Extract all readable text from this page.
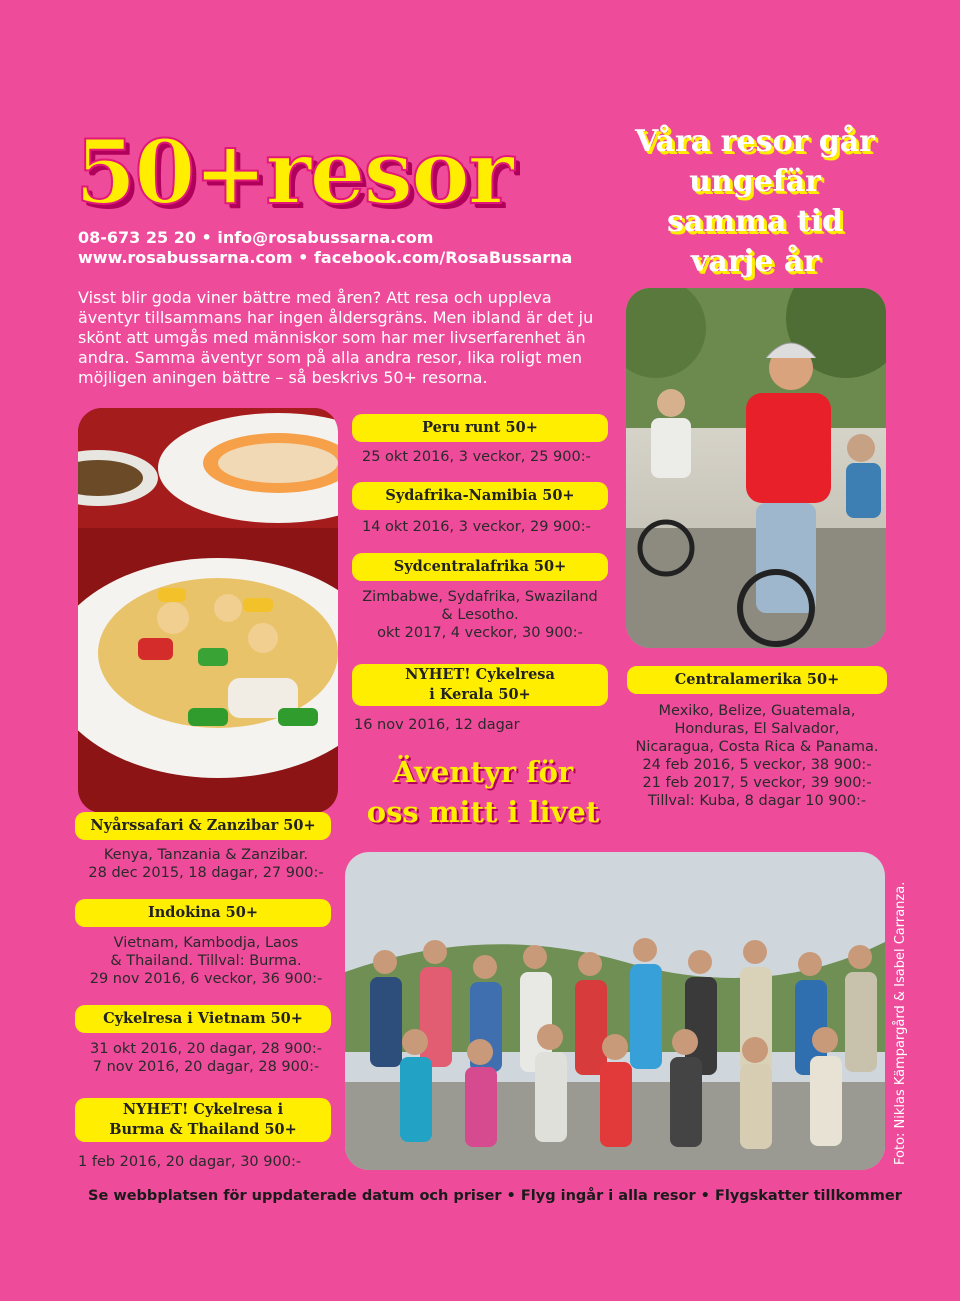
50+resor
08-673 25 20 • info@rosabussarna.com
www.rosabussarna.com • facebook.com/RosaBussarna
Våra resor går
ungefär
samma tid
varje år
Visst blir goda viner bättre med åren? Att resa och uppleva
äventyr tillsammans har ingen åldersgräns. Men ibland är det ju
skönt att umgås med människor som har mer livserfarenhet än
andra. Samma äventyr som på alla andra resor, lika roligt men
möjligen aningen bättre – så beskrivs 50+ resorna.
Peru runt 50+
25 okt 2016, 3 veckor, 25 900:-
Sydafrika-Namibia 50+
14 okt 2016, 3 veckor, 29 900:-
Sydcentralafrika 50+
Zimbabwe, Sydafrika, Swaziland
& Lesotho.
okt 2017, 4 veckor, 30 900:-
NYHET! Cykelresa
i Kerala 50+
16 nov 2016, 12 dagar
Äventyr för
oss mitt i livet
Centralamerika 50+
Mexiko, Belize, Guatemala,
Honduras, El Salvador,
Nicaragua, Costa Rica & Panama.
24 feb 2016, 5 veckor, 38 900:-
21 feb 2017, 5 veckor, 39 900:-
Tillval: Kuba, 8 dagar 10 900:-
Nyårssafari & Zanzibar 50+
Kenya, Tanzania & Zanzibar.
28 dec 2015, 18 dagar, 27 900:-
Indokina 50+
Vietnam, Kambodja, Laos
& Thailand. Tillval: Burma.
29 nov 2016, 6 veckor, 36 900:-
Cykelresa i Vietnam 50+
31 okt 2016, 20 dagar, 28 900:-
7 nov 2016, 20 dagar, 28 900:-
NYHET! Cykelresa i
Burma & Thailand 50+
1 feb 2016, 20 dagar, 30 900:-	Foto: Niklas Kämpargård & Isabel Carranza.
Se webbplatsen för uppdaterade datum och priser • Flyg ingår i alla resor • Flygskatter tillkommer
